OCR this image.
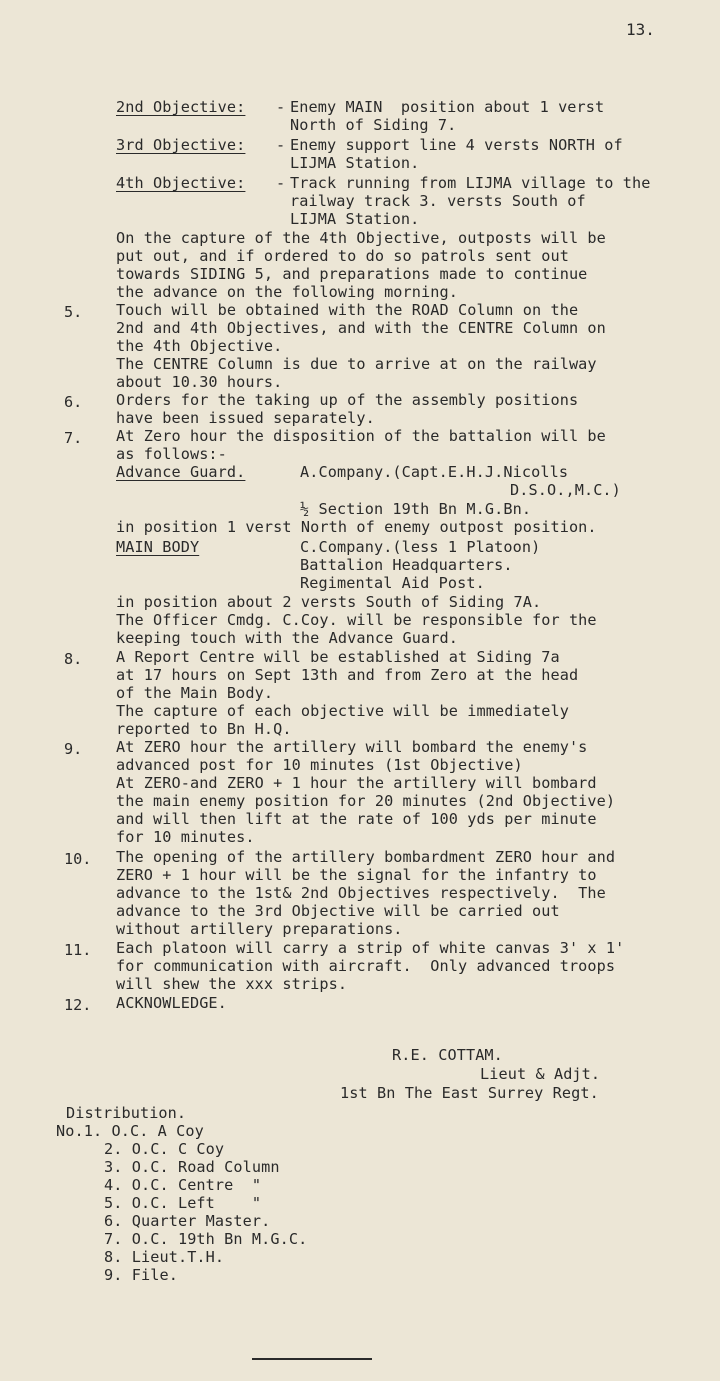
13.
2nd Objective: -
Enemy MAIN  position about 1 verst
North of Siding 7.
3rd Objective: -
Enemy support line 4 versts NORTH of
LIJMA Station.
4th Objective: -
Track running from LIJMA village to the
railway track 3. versts South of
LIJMA Station.
On the capture of the 4th Objective, outposts will be
put out, and if ordered to do so patrols sent out
towards SIDING 5, and preparations made to continue
the advance on the following morning.
5. Touch will be obtained with the ROAD Column on the
2nd and 4th Objectives, and with the CENTRE Column on
the 4th Objective.
The CENTRE Column is due to arrive at on the railway
about 10.30 hours.
6. Orders for the taking up of the assembly positions
have been issued separately.
7. At Zero hour the disposition of the battalion will be
as follows:-
Advance Guard.	A.Company.(Capt.E.H.J.Nicolls
D.S.O.,M.C.)
½ Section 19th Bn M.G.Bn.
in position 1 verst North of enemy outpost position.
MAIN BODY	C.Company.(less 1 Platoon)
Battalion Headquarters.
Regimental Aid Post.
in position about 2 versts South of Siding 7A.
The Officer Cmdg. C.Coy. will be responsible for the
keeping touch with the Advance Guard.
8. A Report Centre will be established at Siding 7a
at 17 hours on Sept 13th and from Zero at the head
of the Main Body.
The capture of each objective will be immediately
reported to Bn H.Q.
9. At ZERO hour the artillery will bombard the enemy's
advanced post for 10 minutes (1st Objective)
At ZERO-and ZERO + 1 hour the artillery will bombard
the main enemy position for 20 minutes (2nd Objective)
and will then lift at the rate of 100 yds per minute
for 10 minutes.
10. The opening of the artillery bombardment ZERO hour and
ZERO + 1 hour will be the signal for the infantry to
advance to the 1st& 2nd Objectives respectively.  The
advance to the 3rd Objective will be carried out
without artillery preparations.
11. Each platoon will carry a strip of white canvas 3' x 1'
for communication with aircraft.  Only advanced troops
will shew the xxx strips.
12. ACKNOWLEDGE.
R.E. COTTAM.
Lieut & Adjt.
1st Bn The East Surrey Regt.
Distribution.
No.1. O.C. A Coy
2. O.C. C Coy
3. O.C. Road Column
4. O.C. Centre  "
5. O.C. Left    "
6. Quarter Master.
7. O.C. 19th Bn M.G.C.
8. Lieut.T.H.
9. File.
